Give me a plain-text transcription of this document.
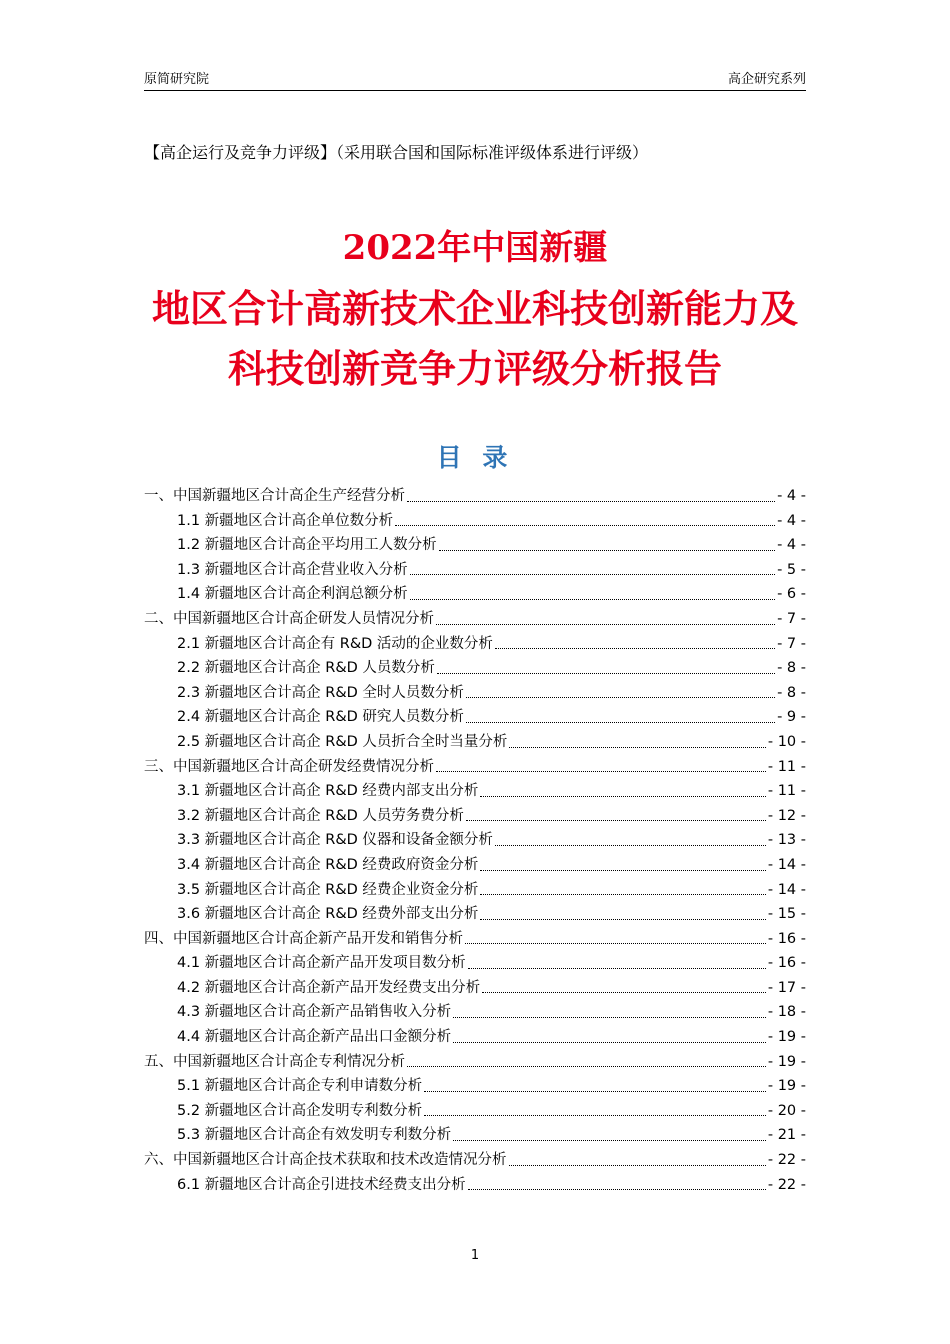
原简研究院	高企研究系列
【高企运行及竞争力评级】（采用联合国和国际标准评级体系进行评级）
2022年中国新疆
地区合计高新技术企业科技创新能力及
科技创新竞争力评级分析报告
目 录
一、中国新疆地区合计高企生产经营分析	- 4 -
1.1 新疆地区合计高企单位数分析	- 4 -
1.2 新疆地区合计高企平均用工人数分析	- 4 -
1.3 新疆地区合计高企营业收入分析	- 5 -
1.4 新疆地区合计高企利润总额分析	- 6 -
二、中国新疆地区合计高企研发人员情况分析	- 7 -
2.1 新疆地区合计高企有 R&D 活动的企业数分析	- 7 -
2.2 新疆地区合计高企 R&D 人员数分析	- 8 -
2.3 新疆地区合计高企 R&D 全时人员数分析	- 8 -
2.4 新疆地区合计高企 R&D 研究人员数分析	- 9 -
2.5 新疆地区合计高企 R&D 人员折合全时当量分析	- 10 -
三、中国新疆地区合计高企研发经费情况分析	- 11 -
3.1 新疆地区合计高企 R&D 经费内部支出分析	- 11 -
3.2 新疆地区合计高企 R&D 人员劳务费分析	- 12 -
3.3 新疆地区合计高企 R&D 仪器和设备金额分析	- 13 -
3.4 新疆地区合计高企 R&D 经费政府资金分析	- 14 -
3.5 新疆地区合计高企 R&D 经费企业资金分析	- 14 -
3.6 新疆地区合计高企 R&D 经费外部支出分析	- 15 -
四、中国新疆地区合计高企新产品开发和销售分析	- 16 -
4.1 新疆地区合计高企新产品开发项目数分析	- 16 -
4.2 新疆地区合计高企新产品开发经费支出分析	- 17 -
4.3 新疆地区合计高企新产品销售收入分析	- 18 -
4.4 新疆地区合计高企新产品出口金额分析	- 19 -
五、中国新疆地区合计高企专利情况分析	- 19 -
5.1 新疆地区合计高企专利申请数分析	- 19 -
5.2 新疆地区合计高企发明专利数分析	- 20 -
5.3 新疆地区合计高企有效发明专利数分析	- 21 -
六、中国新疆地区合计高企技术获取和技术改造情况分析	- 22 -
6.1 新疆地区合计高企引进技术经费支出分析	- 22 -
1
